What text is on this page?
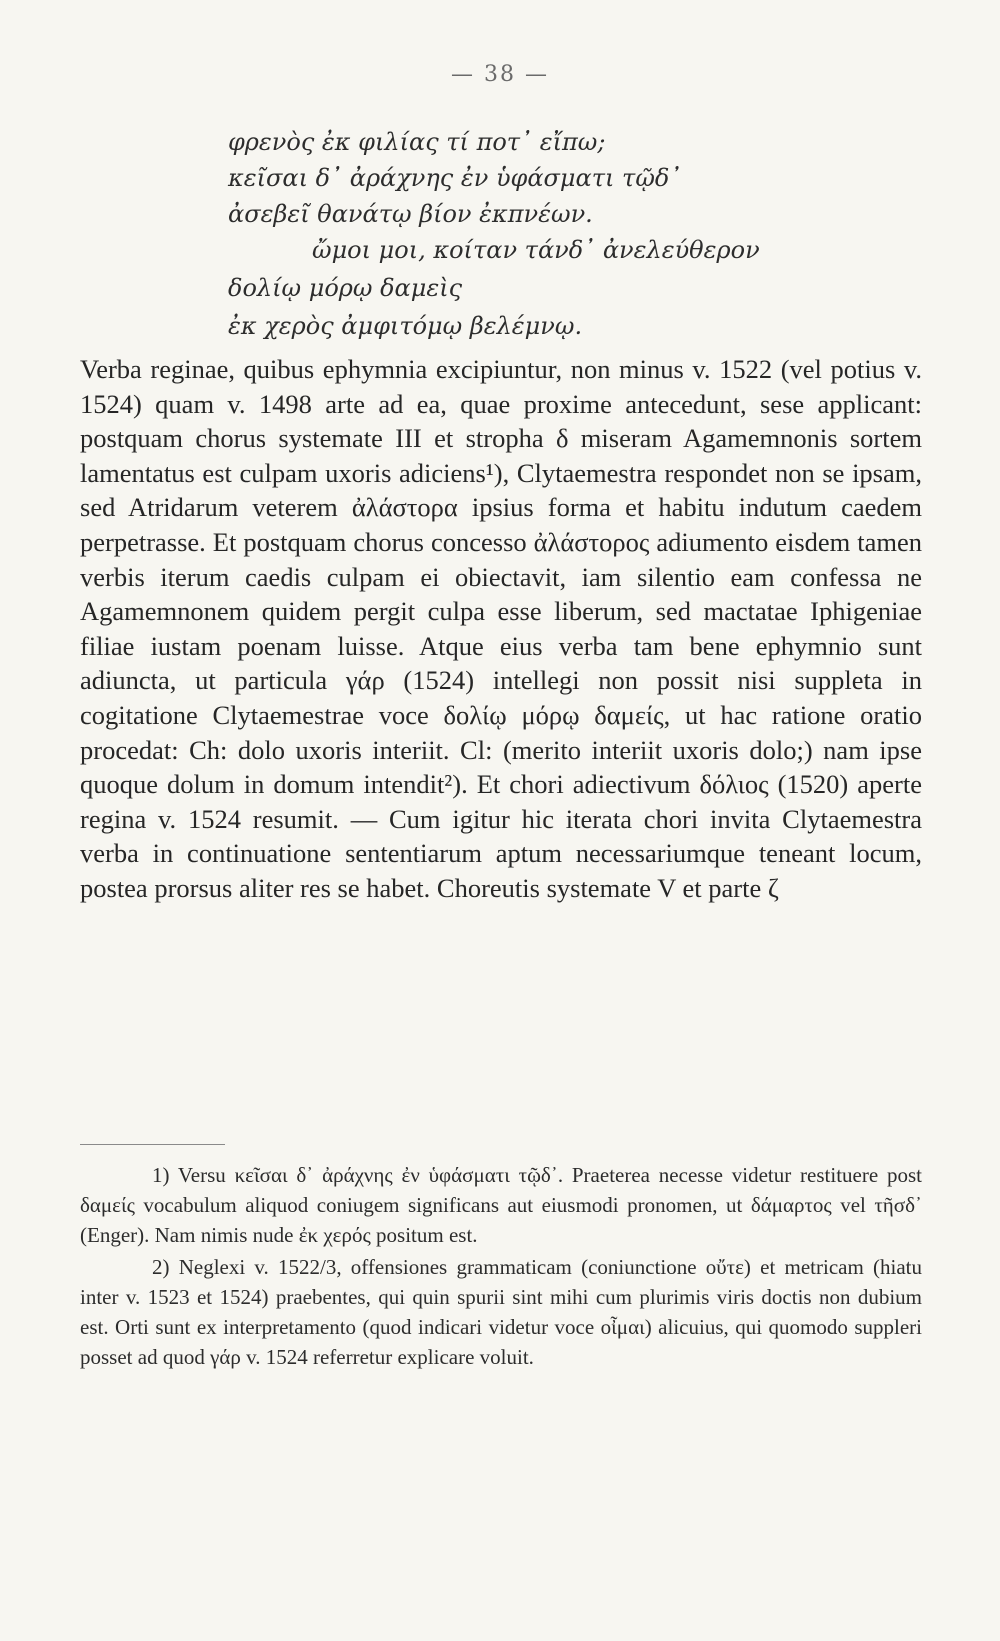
— 38 —
φρενὸς ἐκ φιλίας τί ποτ᾽ εἴπω;
κεῖσαι δ᾽ ἀράχνης ἐν ὑφάσματι τῷδ᾽
ἀσεβεῖ θανάτῳ βίον ἐκπνέων.
ὤμοι μοι, κοίταν τάνδ᾽ ἀνελεύθερον
δολίῳ μόρῳ δαμεὶς
ἐκ χερὸς ἀμφιτόμῳ βελέμνῳ.

Verba reginae, quibus ephymnia excipiuntur, non minus v. 1522 (vel potius v. 1524) quam v. 1498 arte ad ea, quae proxime antecedunt, sese applicant: postquam chorus systemate III et stropha δ miseram Agamemnonis sortem lamentatus est culpam uxoris adiciens¹), Clytaemestra respondet non se ipsam, sed Atridarum veterem ἀλάστορα ipsius forma et habitu indutum caedem perpetrasse. Et postquam chorus concesso ἀλάστορος adiumento eisdem tamen verbis iterum caedis culpam ei obiectavit, iam silentio eam confessa ne Agamemnonem quidem pergit culpa esse liberum, sed mactatae Iphigeniae filiae iustam poenam luisse. Atque eius verba tam bene ephymnio sunt adiuncta, ut particula γάρ (1524) intellegi non possit nisi suppleta in cogitatione Clytaemestrae voce δολίῳ μόρῳ δαμείς, ut hac ratione oratio procedat: Ch: dolo uxoris interiit. Cl: (merito interiit uxoris dolo;) nam ipse quoque dolum in domum intendit²). Et chori adiectivum δόλιος (1520) aperte regina v. 1524 resumit. — Cum igitur hic iterata chori invita Clytaemestra verba in continuatione sententiarum aptum necessariumque teneant locum, postea prorsus aliter res se habet. Choreutis systemate V et parte ζ

1) Versu κεῖσαι δ᾽ ἀράχνης ἐν ὑφάσματι τῷδ᾽. Praeterea necesse videtur restituere post δαμείς vocabulum aliquod coniugem significans aut eiusmodi pronomen, ut δάμαρτος vel τῆσδ᾽ (Enger). Nam nimis nude ἐκ χερός positum est.

2) Neglexi v. 1522/3, offensiones grammaticam (coniunctione οὔτε) et metricam (hiatu inter v. 1523 et 1524) praebentes, qui quin spurii sint mihi cum plurimis viris doctis non dubium est. Orti sunt ex interpretamento (quod indicari videtur voce οἶμαι) alicuius, qui quomodo suppleri posset ad quod γάρ v. 1524 referretur explicare voluit.
